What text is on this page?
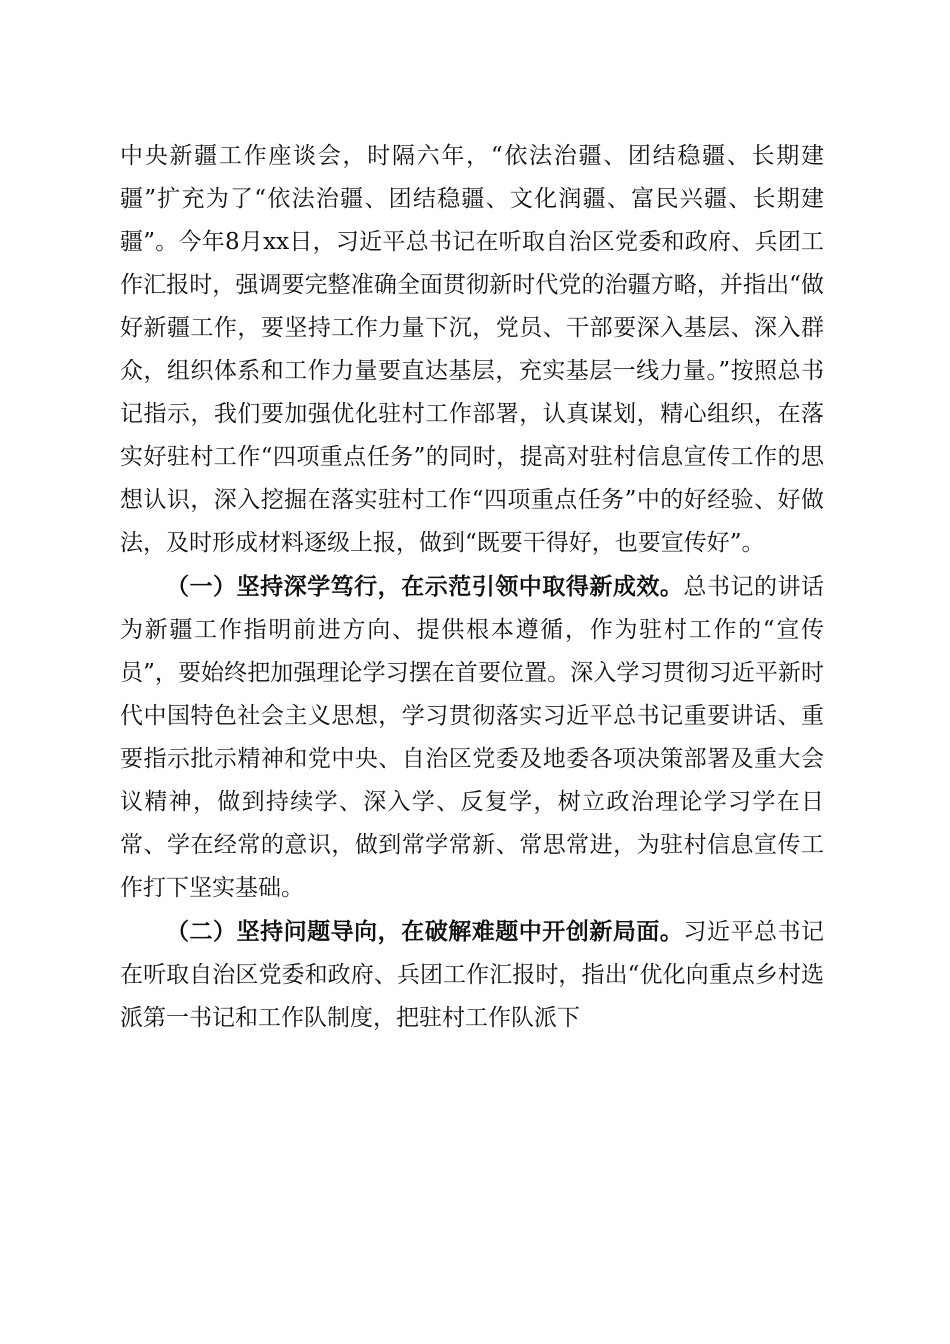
中央新疆工作座谈会，时隔六年，“依法治疆、团结稳疆、长期建疆”扩充为了“依法治疆、团结稳疆、文化润疆、富民兴疆、长期建疆”。今年8月xx日，习近平总书记在听取自治区党委和政府、兵团工作汇报时，强调要完整准确全面贯彻新时代党的治疆方略，并指出“做好新疆工作，要坚持工作力量下沉，党员、干部要深入基层、深入群众，组织体系和工作力量要直达基层，充实基层一线力量。”按照总书记指示，我们要加强优化驻村工作部署，认真谋划，精心组织，在落实好驻村工作“四项重点任务”的同时，提高对驻村信息宣传工作的思想认识，深入挖掘在落实驻村工作“四项重点任务”中的好经验、好做法，及时形成材料逐级上报，做到“既要干得好，也要宣传好”。

（一）坚持深学笃行，在示范引领中取得新成效。总书记的讲话为新疆工作指明前进方向、提供根本遵循，作为驻村工作的“宣传员”，要始终把加强理论学习摆在首要位置。深入学习贯彻习近平新时代中国特色社会主义思想，学习贯彻落实习近平总书记重要讲话、重要指示批示精神和党中央、自治区党委及地委各项决策部署及重大会议精神，做到持续学、深入学、反复学，树立政治理论学习学在日常、学在经常的意识，做到常学常新、常思常进，为驻村信息宣传工作打下坚实基础。

（二）坚持问题导向，在破解难题中开创新局面。习近平总书记在听取自治区党委和政府、兵团工作汇报时，指出“优化向重点乡村选派第一书记和工作队制度，把驻村工作队派下
